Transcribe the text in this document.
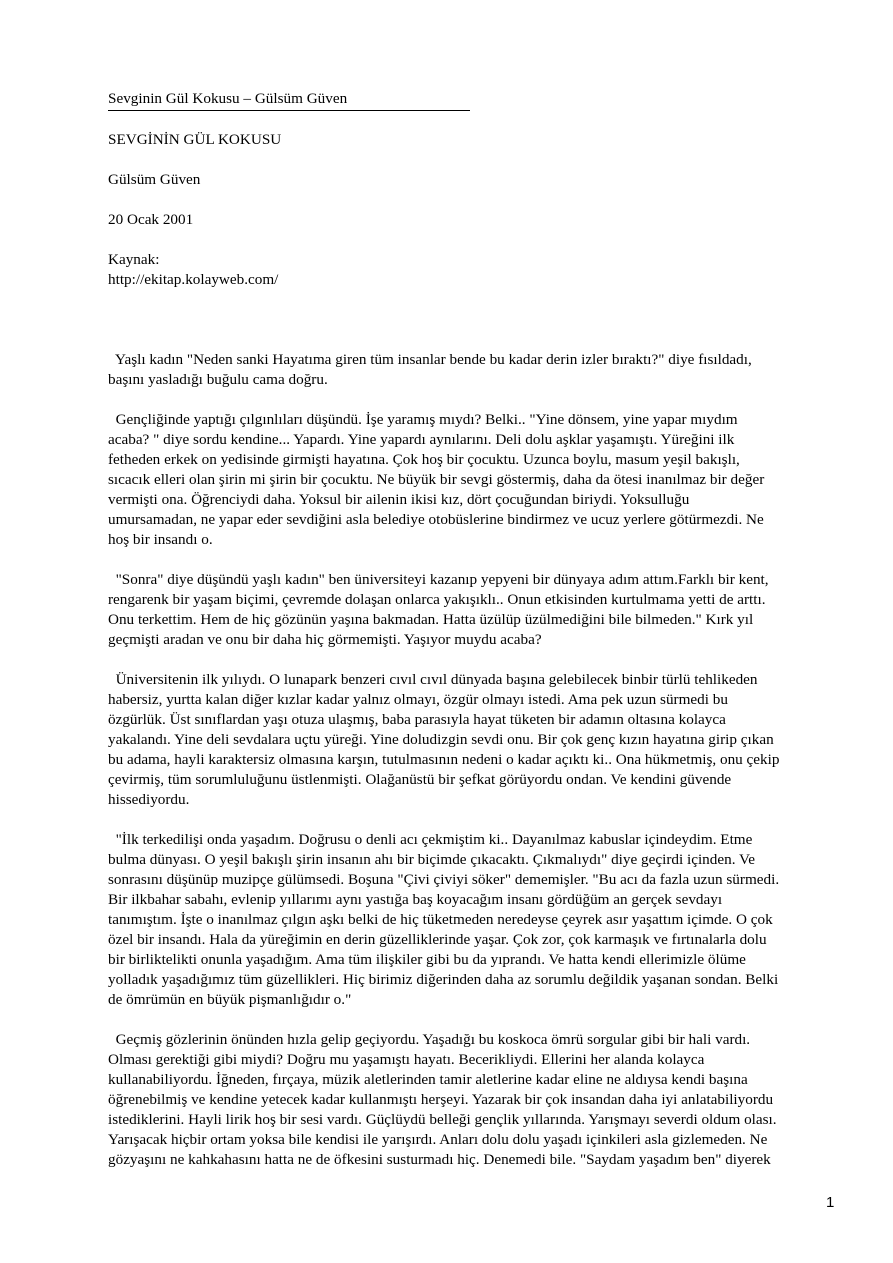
Sevginin Gül Kokusu – Gülsüm Güven
SEVGİNİN GÜL KOKUSU
Gülsüm Güven
20 Ocak 2001
Kaynak:
http://ekitap.kolayweb.com/
Yaşlı kadın "Neden sanki Hayatıma giren tüm insanlar bende bu kadar derin izler bıraktı?" diye fısıldadı,
başını yasladığı buğulu cama doğru.
Gençliğinde yaptığı çılgınlıları düşündü. İşe yaramış mıydı? Belki.. "Yine dönsem, yine yapar mıydım
acaba? " diye sordu kendine... Yapardı. Yine yapardı aynılarını. Deli dolu aşklar yaşamıştı. Yüreğini ilk
fetheden erkek on yedisinde girmişti hayatına. Çok hoş bir çocuktu. Uzunca boylu, masum yeşil bakışlı,
sıcacık elleri olan şirin mi şirin bir çocuktu. Ne büyük bir sevgi göstermiş, daha da ötesi inanılmaz bir değer
vermişti ona. Öğrenciydi daha. Yoksul bir ailenin ikisi kız, dört çocuğundan biriydi. Yoksulluğu
umursamadan, ne yapar eder sevdiğini asla belediye otobüslerine bindirmez ve ucuz yerlere götürmezdi. Ne
hoş bir insandı o.
"Sonra" diye düşündü yaşlı kadın" ben üniversiteyi kazanıp yepyeni bir dünyaya adım attım.Farklı bir kent,
rengarenk bir yaşam biçimi, çevremde dolaşan onlarca yakışıklı.. Onun etkisinden kurtulmama yetti de arttı.
Onu terkettim. Hem de hiç gözünün yaşına bakmadan. Hatta üzülüp üzülmediğini bile bilmeden." Kırk yıl
geçmişti aradan ve onu bir daha hiç görmemişti. Yaşıyor muydu acaba?
Üniversitenin ilk yılıydı. O lunapark benzeri cıvıl cıvıl dünyada başına gelebilecek binbir türlü tehlikeden
habersiz, yurtta kalan diğer kızlar kadar yalnız olmayı, özgür olmayı istedi. Ama pek uzun sürmedi bu
özgürlük. Üst sınıflardan yaşı otuza ulaşmış, baba parasıyla hayat tüketen bir adamın oltasına kolayca
yakalandı. Yine deli sevdalara uçtu yüreği. Yine doludizgin sevdi onu. Bir çok genç kızın hayatına girip çıkan
bu adama, hayli karaktersiz olmasına karşın, tutulmasının nedeni o kadar açıktı ki.. Ona hükmetmiş, onu çekip
çevirmiş, tüm sorumluluğunu üstlenmişti. Olağanüstü bir şefkat görüyordu ondan. Ve kendini güvende
hissediyordu.
"İlk terkedilişi onda yaşadım. Doğrusu o denli acı çekmiştim ki.. Dayanılmaz kabuslar içindeydim. Etme
bulma dünyası. O yeşil bakışlı şirin insanın ahı bir biçimde çıkacaktı. Çıkmalıydı" diye geçirdi içinden. Ve
sonrasını düşünüp muzipçe gülümsedi. Boşuna "Çivi çiviyi söker" dememişler. "Bu acı da fazla uzun sürmedi.
Bir ilkbahar sabahı, evlenip yıllarımı aynı yastığa baş koyacağım insanı gördüğüm an gerçek sevdayı
tanımıştım. İşte o inanılmaz çılgın aşkı belki de hiç tüketmeden neredeyse çeyrek asır yaşattım içimde. O çok
özel bir insandı. Hala da yüreğimin en derin güzelliklerinde yaşar. Çok zor, çok karmaşık ve fırtınalarla dolu
bir birliktelikti onunla yaşadığım. Ama tüm ilişkiler gibi bu da yıprandı. Ve hatta kendi ellerimizle ölüme
yolladık yaşadığımız tüm güzellikleri. Hiç birimiz diğerinden daha az sorumlu değildik yaşanan sondan. Belki
de ömrümün en büyük pişmanlığıdır o."
Geçmiş gözlerinin önünden hızla gelip geçiyordu. Yaşadığı bu koskoca ömrü sorgular gibi bir hali vardı.
Olması gerektiği gibi miydi? Doğru mu yaşamıştı hayatı. Becerikliydi. Ellerini her alanda kolayca
kullanabiliyordu. İğneden, fırçaya, müzik aletlerinden tamir aletlerine kadar eline ne aldıysa kendi başına
öğrenebilmiş ve kendine yetecek kadar kullanmıştı herşeyi. Yazarak bir çok insandan daha iyi anlatabiliyordu
istediklerini. Hayli lirik hoş bir sesi vardı. Güçlüydü belleği gençlik yıllarında. Yarışmayı severdi oldum olası.
Yarışacak hiçbir ortam yoksa bile kendisi ile yarışırdı. Anları dolu dolu yaşadı içinkileri asla gizlemeden. Ne
gözyaşını ne kahkahasını hatta ne de öfkesini susturmadı hiç. Denemedi bile. "Saydam yaşadım ben" diyerek
1
